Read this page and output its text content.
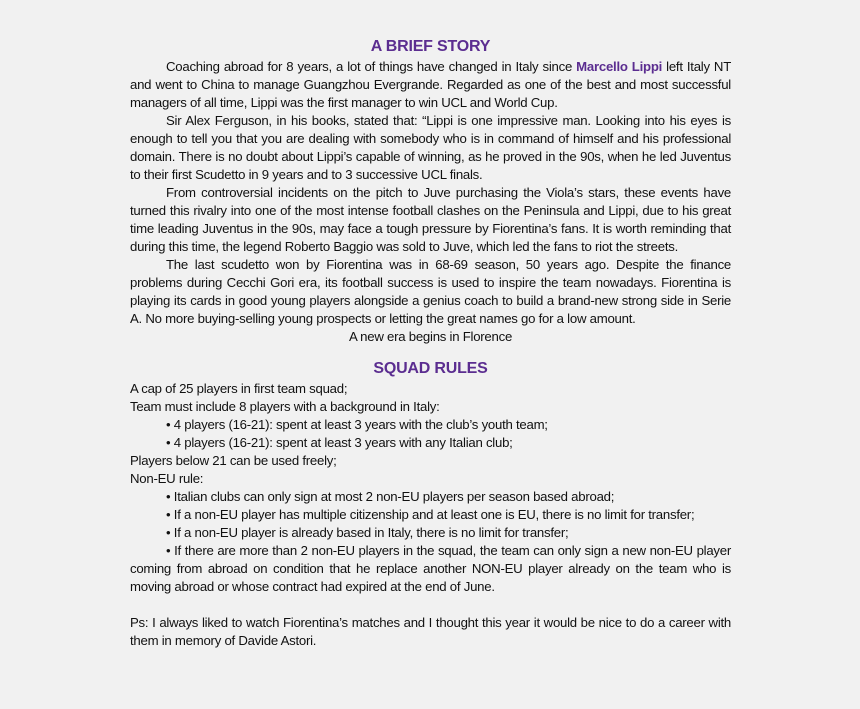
A BRIEF STORY

Coaching abroad for 8 years, a lot of things have changed in Italy since Marcello Lippi left Italy NT and went to China to manage Guangzhou Evergrande. Regarded as one of the best and most successful managers of all time, Lippi was the first manager to win UCL and World Cup.

Sir Alex Ferguson, in his books, stated that: “Lippi is one impressive man. Looking into his eyes is enough to tell you that you are dealing with somebody who is in command of himself and his professional domain. There is no doubt about Lippi’s capable of winning, as he proved in the 90s, when he led Juventus to their first Scudetto in 9 years and to 3 successive UCL finals.

From controversial incidents on the pitch to Juve purchasing the Viola’s stars, these events have turned this rivalry into one of the most intense football clashes on the Peninsula and Lippi, due to his great time leading Juventus in the 90s, may face a tough pressure by Fiorentina’s fans. It is worth reminding that during this time, the legend Roberto Baggio was sold to Juve, which led the fans to riot the streets.

The last scudetto won by Fiorentina was in 68-69 season, 50 years ago. Despite the finance problems during Cecchi Gori era, its football success is used to inspire the team nowadays. Fiorentina is playing its cards in good young players alongside a genius coach to build a brand-new strong side in Serie A. No more buying-selling young prospects or letting the great names go for a low amount.

A new era begins in Florence

SQUAD RULES

A cap of 25 players in first team squad;

Team must include 8 players with a background in Italy:

• 4 players (16-21): spent at least 3 years with the club’s youth team;

• 4 players (16-21): spent at least 3 years with any Italian club;

Players below 21 can be used freely;

Non-EU rule:

• Italian clubs can only sign at most 2 non-EU players per season based abroad;

• If a non-EU player has multiple citizenship and at least one is EU, there is no limit for transfer;

• If a non-EU player is already based in Italy, there is no limit for transfer;

• If there are more than 2 non-EU players in the squad, the team can only sign a new non-EU player coming from abroad on condition that he replace another NON-EU player already on the team who is moving abroad or whose contract had expired at the end of June.

Ps: I always liked to watch Fiorentina’s matches and I thought this year it would be nice to do a career with them in memory of Davide Astori.
